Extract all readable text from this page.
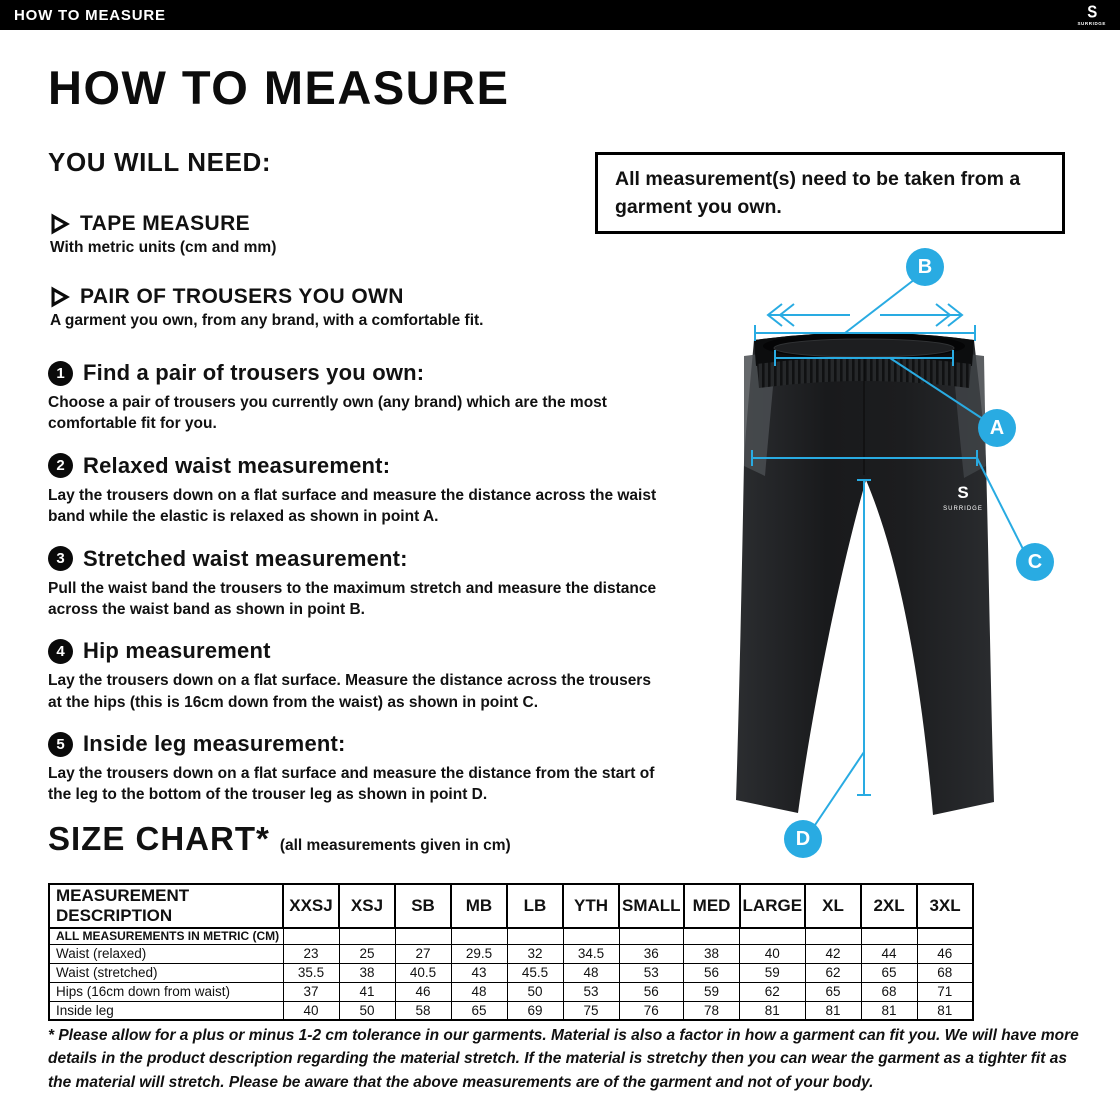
HOW TO MEASURE	S
SURRIDGE
HOW TO MEASURE
YOU WILL NEED:
TAPE MEASURE
With metric units (cm and mm)
PAIR OF TROUSERS YOU OWN
A garment you own, from any brand, with a comfortable fit.
1 Find a pair of trousers you own:
Choose a pair of trousers you currently own (any brand) which are the most comfortable fit for you.
2 Relaxed waist measurement:
Lay the trousers down on a flat surface and measure the distance across the waist band while the elastic is relaxed as shown in point A.
3 Stretched waist measurement:
Pull the waist band the trousers to the maximum stretch and measure the distance across the waist band as shown in point B.
4 Hip measurement
Lay the trousers down on a flat surface. Measure the distance across the trousers at the hips (this is 16cm down from the waist) as shown in point C.
5 Inside leg measurement:
Lay the trousers down on a flat surface and measure the distance from the start of the leg to the bottom of the trouser leg as shown in point D.
All measurement(s) need to be taken from a garment you own.
S
SURRIDGE
A
B
C
D
SIZE CHART* (all measurements given in cm)
MEASUREMENT DESCRIPTION	XXSJ	XSJ	SB	MB	LB	YTH	SMALL	MED	LARGE	XL	2XL	3XL
ALL MEASUREMENTS IN METRIC (CM)												
Waist (relaxed)	23	25	27	29.5	32	34.5	36	38	40	42	44	46
Waist (stretched)	35.5	38	40.5	43	45.5	48	53	56	59	62	65	68
Hips (16cm down from waist)	37	41	46	48	50	53	56	59	62	65	68	71
Inside leg	40	50	58	65	69	75	76	78	81	81	81	81
* Please allow for a plus or minus 1-2 cm tolerance in our garments. Material is also a factor in how a garment can fit you. We will have more details in the product description regarding the material stretch. If the material is stretchy then you can wear the garment as a tighter fit as the material will stretch. Please be aware that the above measurements are of the garment and not of your body.
